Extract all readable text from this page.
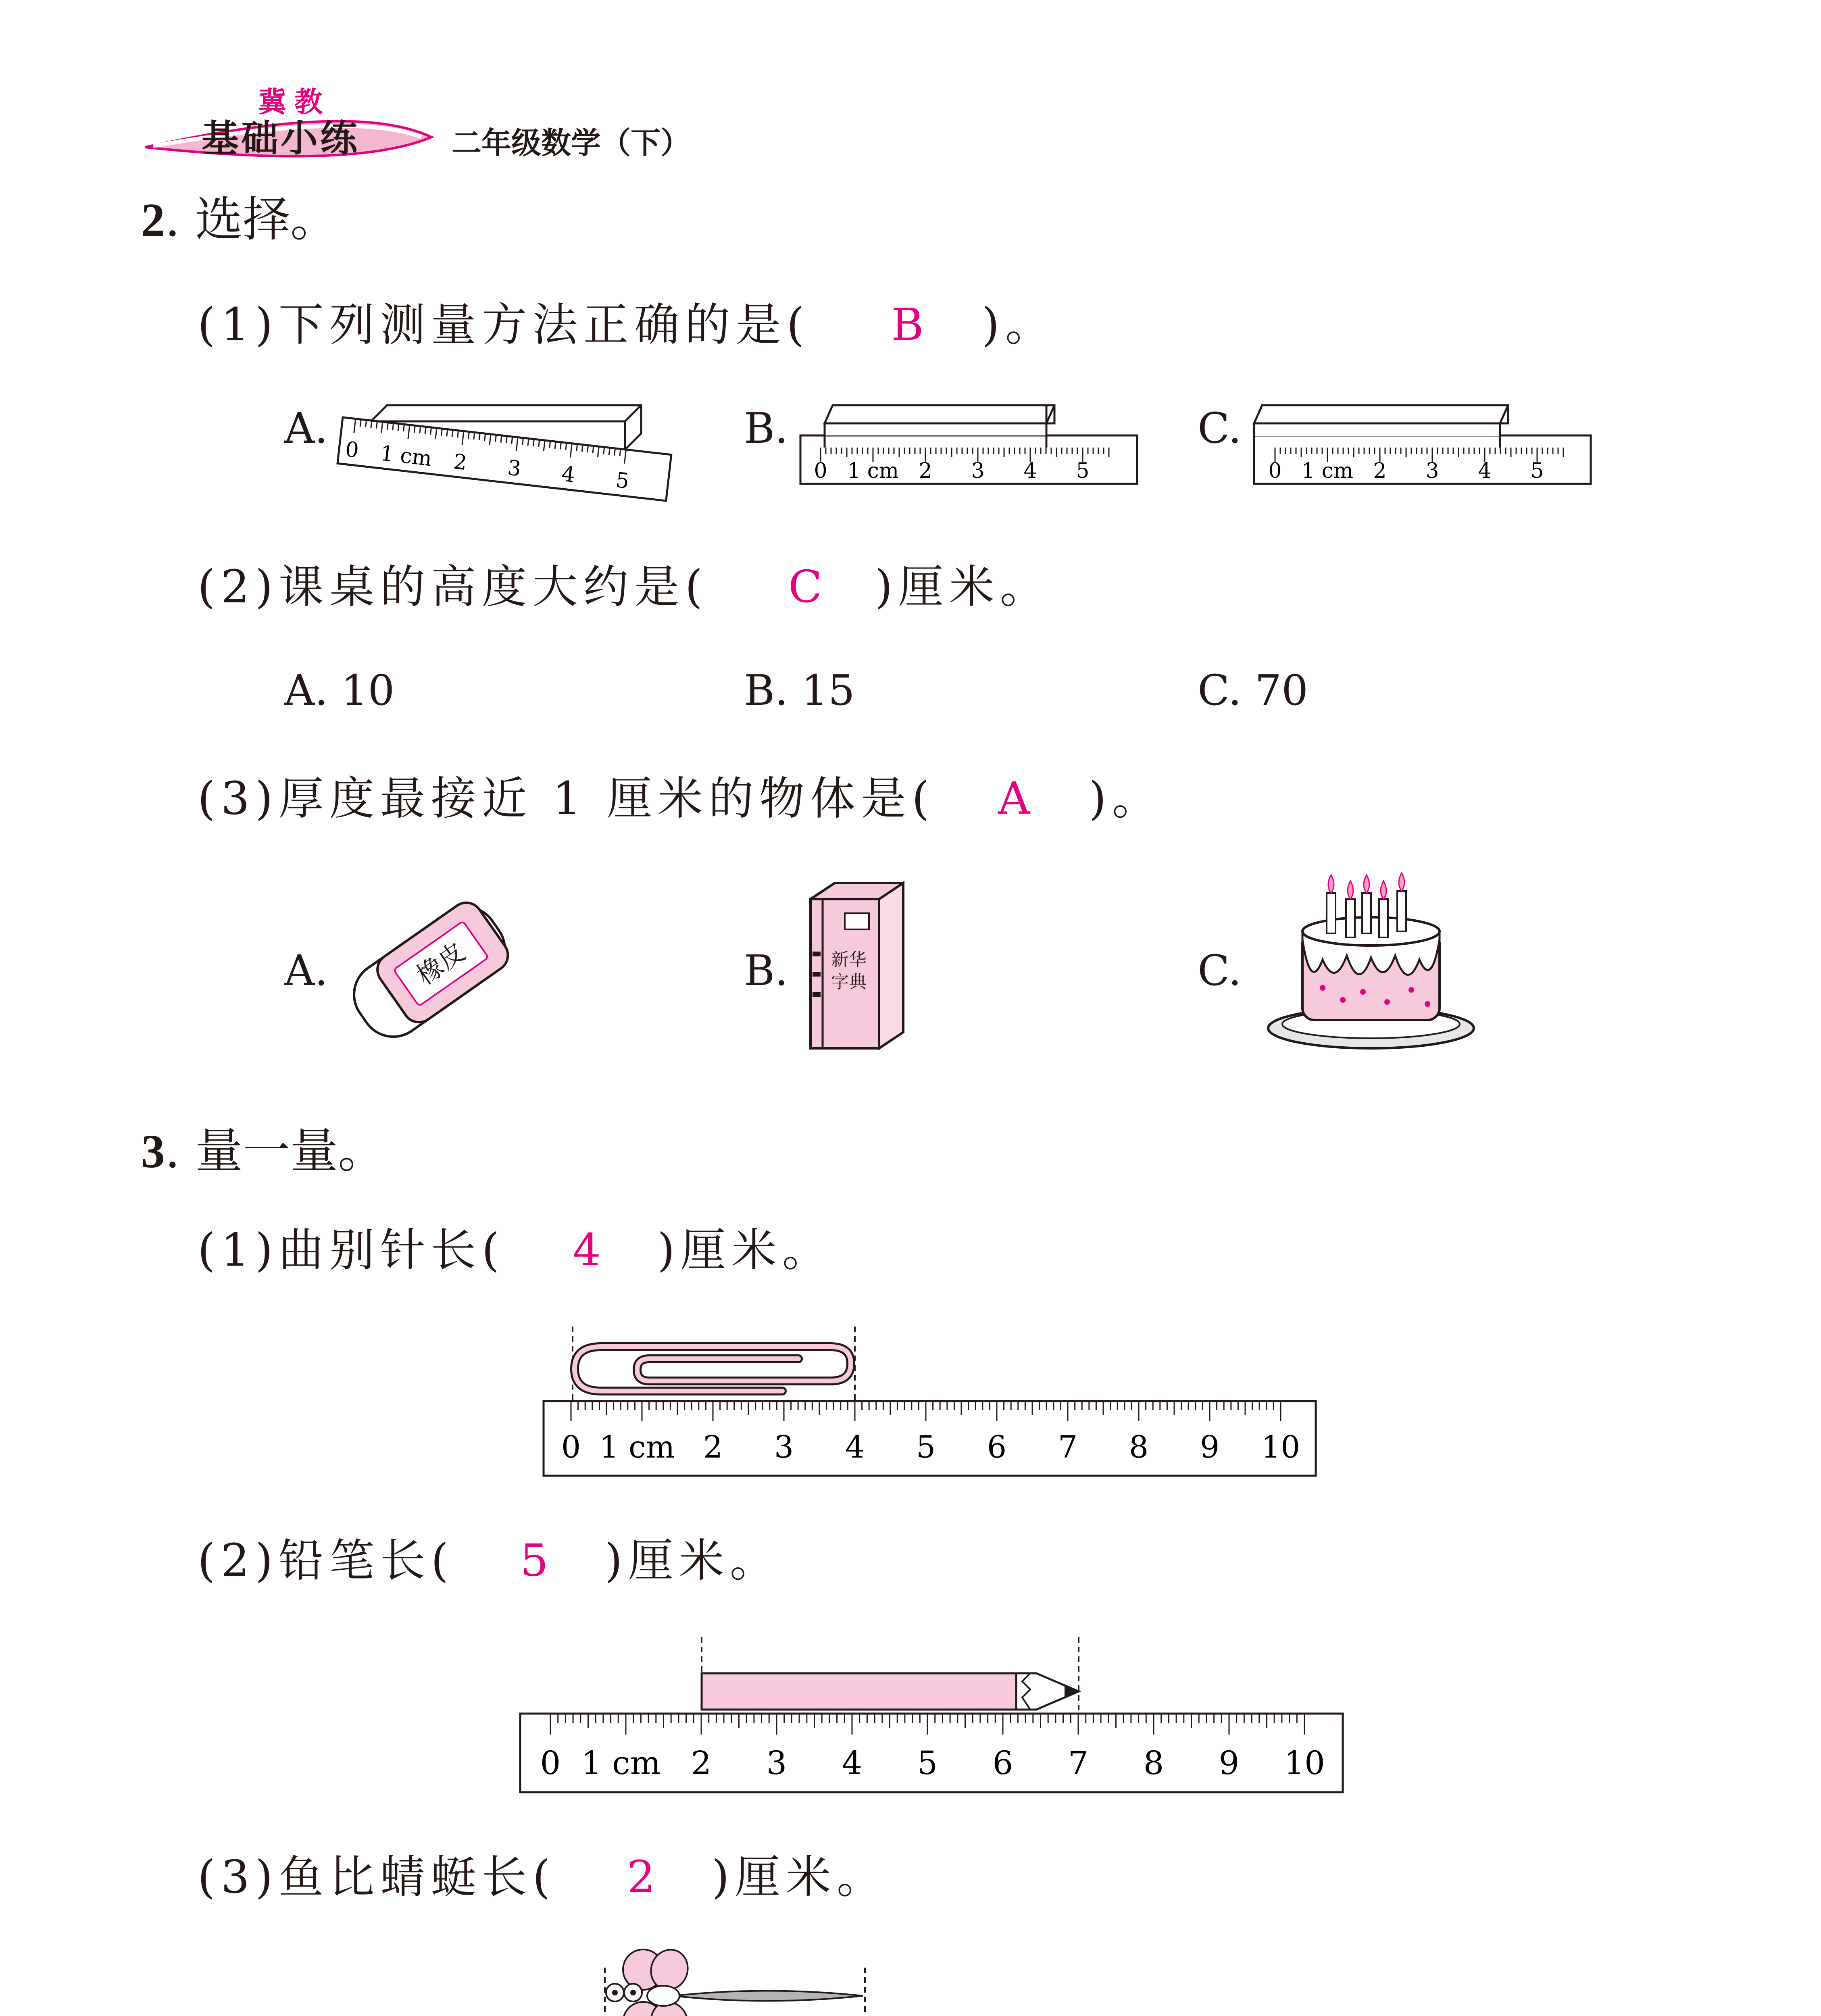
冀教
基础小练	二年级数学（下）
2. 选择。
(1)下列测量方法正确的是( B )。
A.	B.	C.
0 1 cm 2 3 4 5	0 1 cm 2 3 4 5	0 1 cm 2 3 4 5
(2)课桌的高度大约是( C )厘米。
A. 10	B. 15	C. 70
(3)厚度最接近 1 厘米的物体是( A )。
A.	B.	C.
橡皮	新华
字典
3. 量一量。
(1)曲别针长( 4 )厘米。
0 1 cm 2 3 4 5 6 7 8 9 10
(2)铅笔长( 5 )厘米。
0 1 cm 2 3 4 5 6 7 8 9 10
(3)鱼比蜻蜓长( 2 )厘米。
